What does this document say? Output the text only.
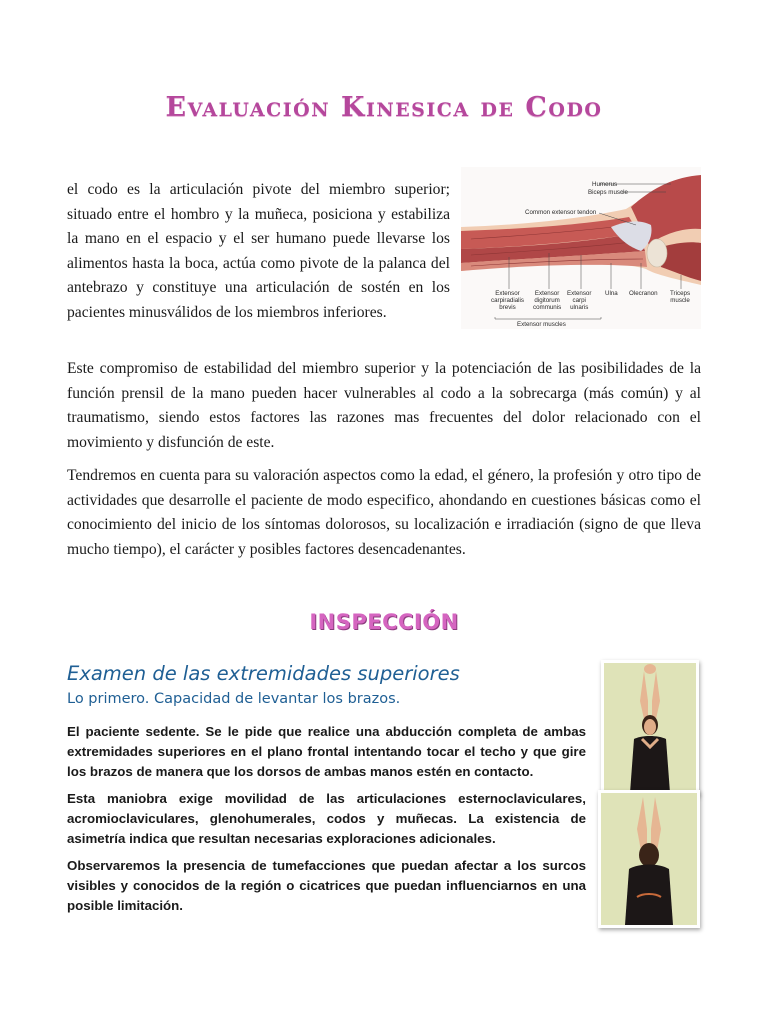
Evaluación Kinesica de Codo

el codo es la articulación pivote del miembro superior; situado entre el hombro y la muñeca, posiciona y estabiliza la mano en el espacio y el ser humano puede llevarse los alimentos hasta la boca, actúa como pivote de la palanca del antebrazo y constituye una articulación de sostén en los pacientes minusválidos de los miembros inferiores.

Humerus
Biceps muscle
Common extensor tendon
Extensor
carpiradialis
brevis
Extensor
digitorum
communis
Extensor
carpi
ulnaris
Ulna Olecranon Triceps
muscle
Extensor muscles

Este compromiso de estabilidad del miembro superior y la potenciación de las posibilidades de la función prensil de la mano pueden hacer vulnerables al codo a la sobrecarga (más común) y al traumatismo, siendo estos factores las razones mas frecuentes del dolor relacionado con el movimiento y disfunción de este.

Tendremos en cuenta para su valoración aspectos como la edad, el género, la profesión y otro tipo de actividades que desarrolle el paciente de modo especifico, ahondando en cuestiones básicas como el conocimiento del inicio de los síntomas dolorosos, su localización e irradiación (signo de que lleva mucho tiempo), el carácter y posibles factores desencadenantes.

INSPECCIÓN
Examen de las extremidades superiores
Lo primero. Capacidad de levantar los brazos.

El paciente sedente. Se le pide que realice una abducción completa de ambas extremidades superiores en el plano frontal intentando tocar el techo y que gire los brazos de manera que los dorsos de ambas manos estén en contacto.

Esta maniobra exige movilidad de las articulaciones esternoclaviculares, acromioclaviculares, glenohumerales, codos y muñecas. La existencia de asimetría indica que resultan necesarias exploraciones adicionales.

Observaremos la presencia de tumefacciones que puedan afectar a los surcos visibles y conocidos de la región o cicatrices que puedan influenciarnos en una posible limitación.
